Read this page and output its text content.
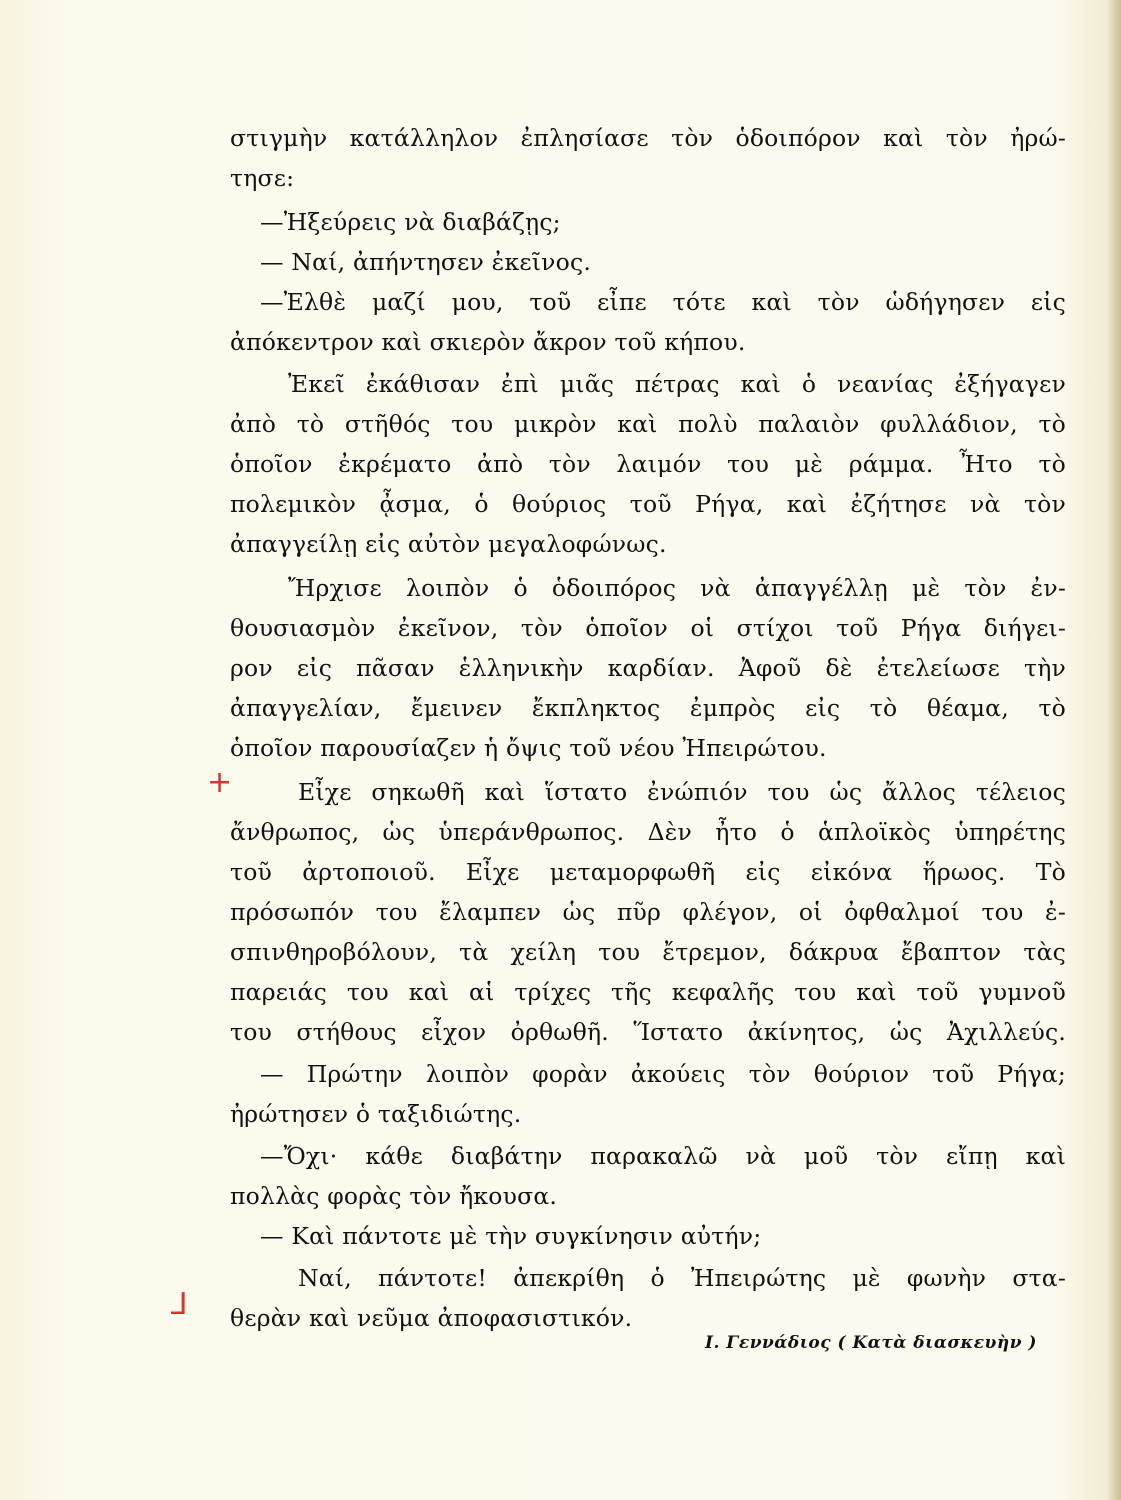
+
⅃
στιγμὴν κατάλληλον ἐπλησίασε τὸν ὁδοιπόρον καὶ τὸν ἠρώ-
τησε:
—Ἠξεύρεις νὰ διαβάζῃς;
— Ναί, ἀπήντησεν ἐκεῖνος.
—Ἐλθὲ μαζί μου, τοῦ εἶπε τότε καὶ τὸν ὡδήγησεν εἰς
ἀπόκεντρον καὶ σκιερὸν ἄκρον τοῦ κήπου.
Ἐκεῖ ἐκάθισαν ἐπὶ μιᾶς πέτρας καὶ ὁ νεανίας ἐξήγαγεν
ἀπὸ τὸ στῆθός του μικρὸν καὶ πολὺ παλαιὸν φυλλάδιον, τὸ
ὁποῖον ἐκρέματο ἀπὸ τὸν λαιμόν του μὲ ράμμα. Ἦτο τὸ
πολεμικὸν ᾆσμα, ὁ θούριος τοῦ Ρήγα, καὶ ἐζήτησε νὰ τὸν
ἀπαγγείλῃ εἰς αὐτὸν μεγαλοφώνως.
Ἤρχισε λοιπὸν ὁ ὁδοιπόρος νὰ ἀπαγγέλλῃ μὲ τὸν ἐν-
θουσιασμὸν ἐκεῖνον, τὸν ὁποῖον οἱ στίχοι τοῦ Ρήγα διήγει-
ρον εἰς πᾶσαν ἑλληνικὴν καρδίαν. Ἀφοῦ δὲ ἐτελείωσε τὴν
ἀπαγγελίαν, ἔμεινεν ἔκπληκτος ἐμπρὸς εἰς τὸ θέαμα, τὸ
ὁποῖον παρουσίαζεν ἡ ὄψις τοῦ νέου Ἠπειρώτου.
Εἶχε σηκωθῆ καὶ ἵστατο ἐνώπιόν του ὡς ἄλλος τέλειος
ἄνθρωπος, ὡς ὑπεράνθρωπος. Δὲν ἦτο ὁ ἁπλοϊκὸς ὑπηρέτης
τοῦ ἀρτοποιοῦ. Εἶχε μεταμορφωθῆ εἰς εἰκόνα ἥρωος. Τὸ
πρόσωπόν του ἔλαμπεν ὡς πῦρ φλέγον, οἱ ὀφθαλμοί του ἐ-
σπινθηροβόλουν, τὰ χείλη του ἔτρεμον, δάκρυα ἔβαπτον τὰς
παρειάς του καὶ αἱ τρίχες τῆς κεφαλῆς του καὶ τοῦ γυμνοῦ
του στήθους εἶχον ὀρθωθῆ. Ἵστατο ἀκίνητος, ὡς Ἀχιλλεύς.
— Πρώτην λοιπὸν φορὰν ἀκούεις τὸν θούριον τοῦ Ρήγα;
ἠρώτησεν ὁ ταξιδιώτης.
—Ὄχι· κάθε διαβάτην παρακαλῶ νὰ μοῦ τὸν εἴπῃ καὶ
πολλὰς φορὰς τὸν ἤκουσα.
— Καὶ πάντοτε μὲ τὴν συγκίνησιν αὐτήν;
Ναί, πάντοτε! ἀπεκρίθη ὁ Ἠπειρώτης μὲ φωνὴν στα-
θερὰν καὶ νεῦμα ἀποφασιστικόν.
Ι. Γεννάδιος ( Κατὰ διασκευὴν )
